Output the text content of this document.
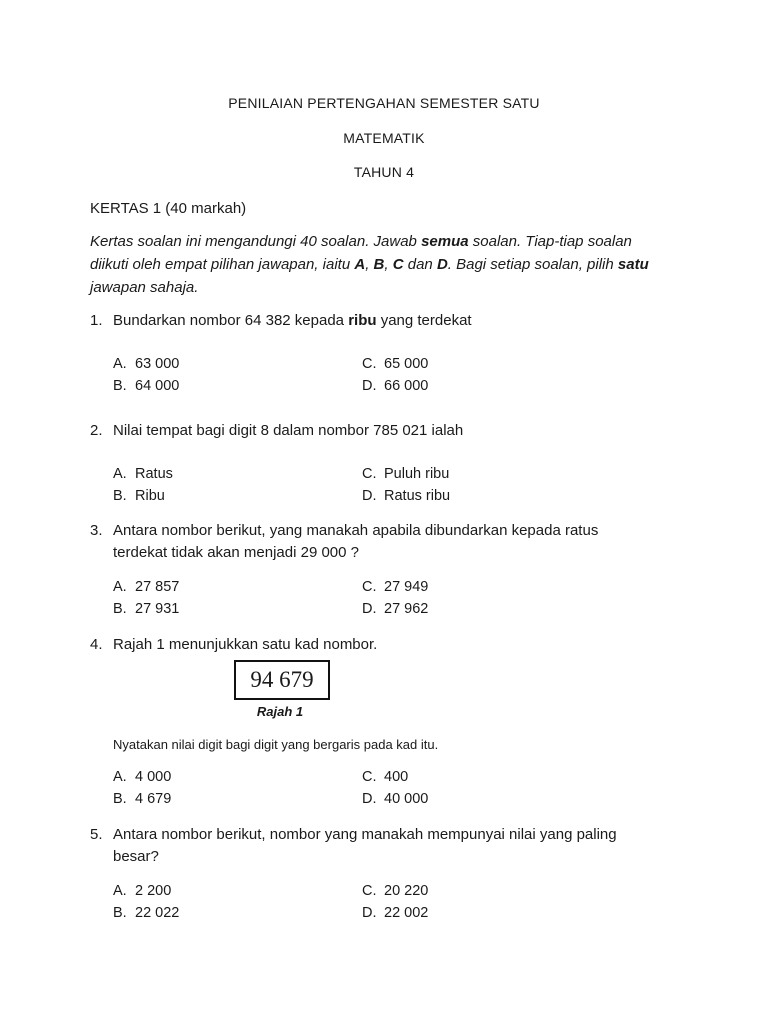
PENILAIAN PERTENGAHAN SEMESTER SATU
MATEMATIK
TAHUN 4
KERTAS 1 (40 markah)
Kertas soalan ini mengandungi 40 soalan. Jawab semua soalan. Tiap-tiap soalan diikuti oleh empat pilihan jawapan, iaitu A, B, C dan D. Bagi setiap soalan, pilih satu jawapan sahaja.
1. Bundarkan nombor 64 382 kepada ribu yang terdekat
A. 63 000
B. 64 000
C. 65 000
D. 66 000
2. Nilai tempat bagi digit 8 dalam nombor 785 021 ialah
A. Ratus
B. Ribu
C. Puluh ribu
D. Ratus ribu
3. Antara nombor berikut, yang manakah apabila dibundarkan kepada ratus
terdekat tidak akan menjadi 29 000 ?
A. 27 857
B. 27 931
C. 27 949
D. 27 962
4. Rajah 1 menunjukkan satu kad nombor.
94 679
Rajah 1
Nyatakan nilai digit bagi digit yang bergaris pada kad itu.
A. 4 000
B. 4 679
C. 400
D. 40 000
5. Antara nombor berikut, nombor yang manakah mempunyai nilai yang paling
besar?
A. 2 200
B. 22 022
C. 20 220
D. 22 002
